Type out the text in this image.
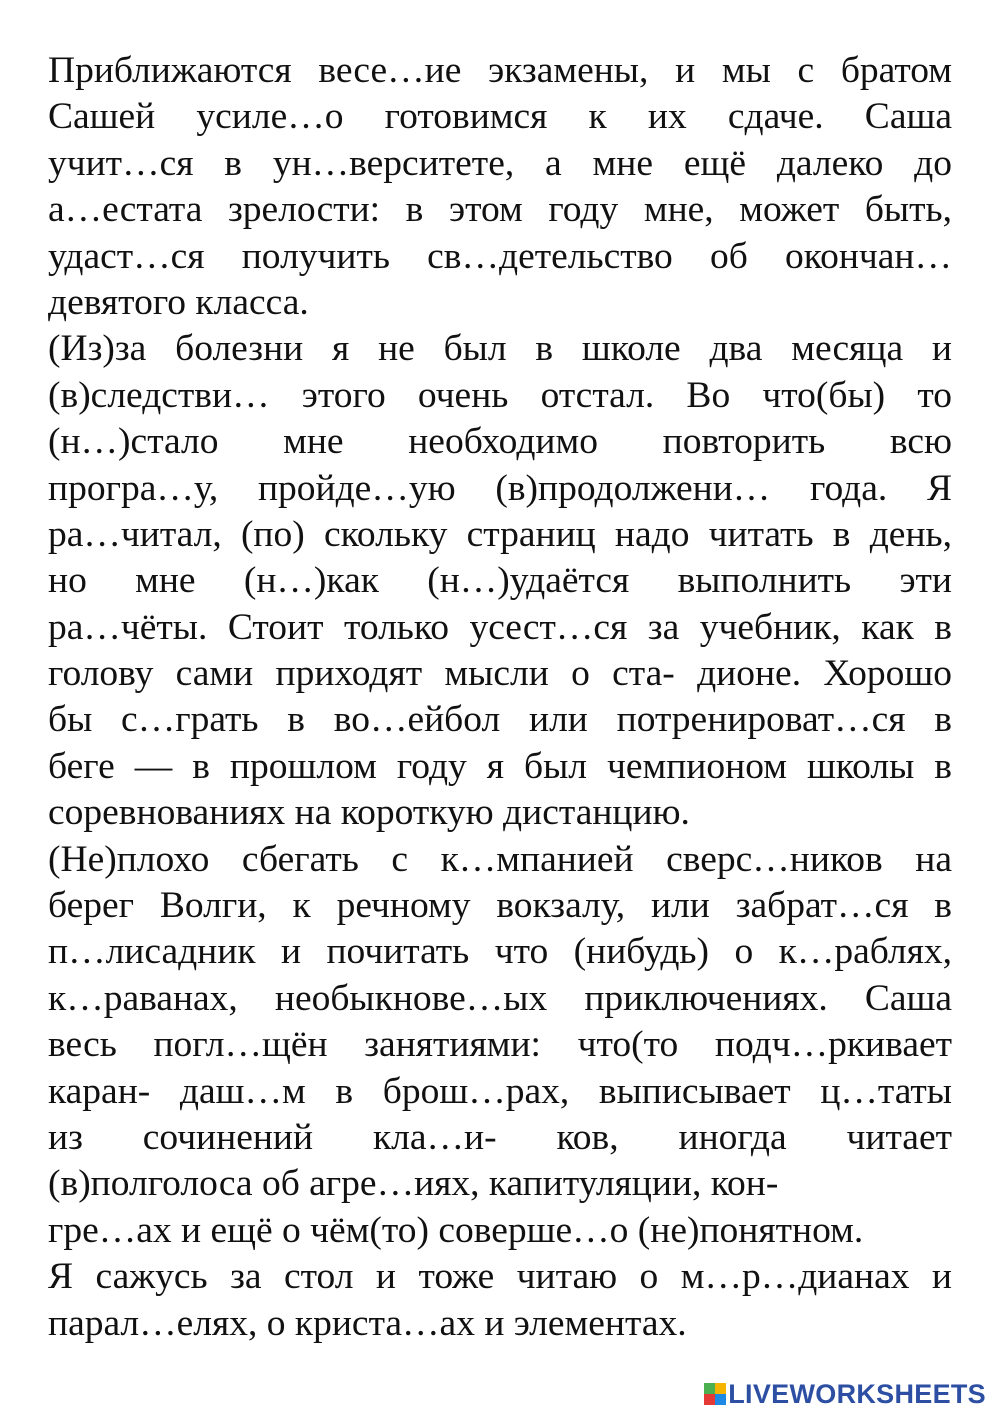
Приближаются весе…ие экзамены, и мы с братом
Сашей усиле…о готовимся к их сдаче. Саша
учит…ся в ун…верситете, а мне ещё далеко до
а…естата зрелости: в этом году мне, может быть,
удаст…ся получить св…детельство об окончан…
девятого класса.

(Из)за болезни я не был в школе два месяца и
(в)следстви… этого очень отстал. Во что(бы) то
(н…)стало мне необходимо повторить всю
програ…у, пройде…ую (в)продолжени… года. Я
ра…читал, (по) скольку страниц надо читать в день,
но мне (н…)как (н…)удаётся выполнить эти
ра…чёты. Стоит только усест…ся за учебник, как в
голову сами приходят мысли о ста- дионе. Хорошо
бы с…грать в во…ейбол или потренироват…ся в
беге — в прошлом году я был чемпионом школы в
соревнованиях на короткую дистанцию.

(Не)плохо сбегать с к…мпанией сверс…ников на
берег Волги, к речному вокзалу, или забрат…ся в
п…лисадник и почитать что (нибудь) о к…раблях,
к…раванах, необыкнове…ых приключениях. Саша
весь погл…щён занятиями: что(то подч…ркивает
каран- даш…м в брош…рах, выписывает ц…таты
из сочинений кла…и- ков, иногда читает
(в)полголоса об агре…иях, капитуляции, кон-
гре…ах и ещё о чём(то) соверше…о (не)понятном.

Я сажусь за стол и тоже читаю о м…р…дианах и
парал…елях, о криста…ах и элементах.

LIVEWORKSHEETS
